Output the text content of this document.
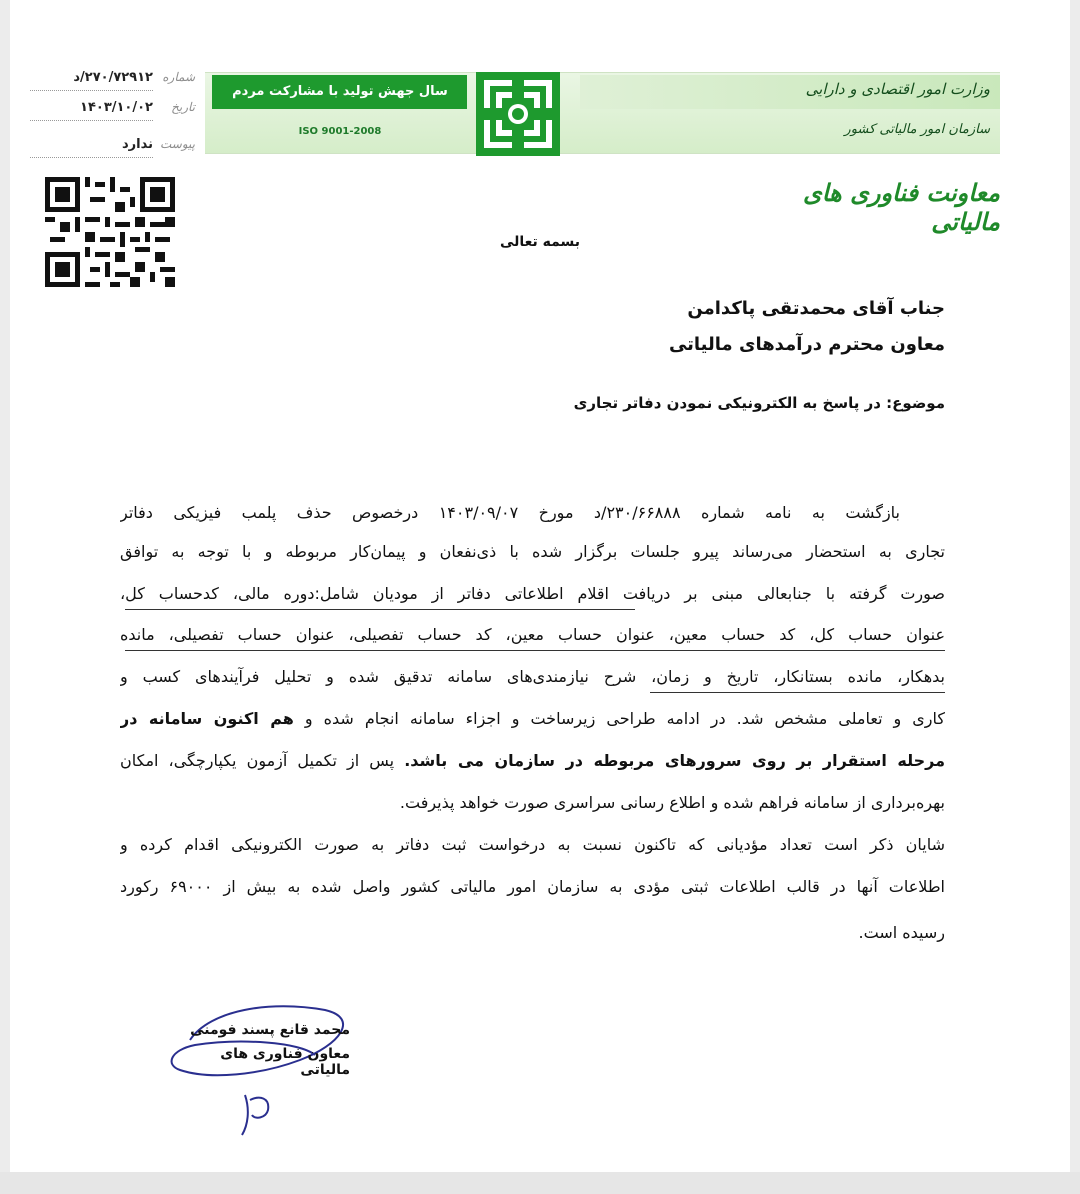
سال جهش تولید با مشارکت مردم
ISO 9001-2008
وزارت امور اقتصادی و دارایی
سازمان امور مالیاتی کشور
معاونت فناوری های مالیاتی
شماره
۲۷۰/۷۲۹۱۲/د
تاریخ
۱۴۰۳/۱۰/۰۲
پیوست
ندارد
بسمه تعالی
جناب آقای محمدتقی پاکدامن
معاون محترم درآمدهای مالیاتی
موضوع: در پاسخ به الکترونیکی نمودن دفاتر تجاری
بازگشت به نامه شماره ۲۳۰/۶۶۸۸۸/د مورخ ۱۴۰۳/۰۹/۰۷ درخصوص حذف پلمب فیزیکی دفاتر
تجاری به استحضار می‌رساند پیرو جلسات برگزار شده با ذی‌نفعان و پیمان‌کار مربوطه و با توجه به توافق
صورت گرفته با جنابعالی مبنی بر دریافت اقلام اطلاعاتی دفاتر از مودیان شامل:دوره مالی، کدحساب کل،
عنوان حساب کل، کد حساب معین، عنوان حساب معین، کد حساب تفصیلی، عنوان حساب تفصیلی، مانده
بدهکار، مانده بستانکار، تاریخ و زمان، شرح نیازمندی‌های سامانه تدقیق شده و تحلیل فرآیندهای کسب و
کاری و تعاملی مشخص شد. در ادامه طراحی زیرساخت و اجزاء سامانه انجام شده و هم اکنون سامانه در
مرحله استقرار بر روی سرورهای مربوطه در سازمان می باشد. پس از تکمیل آزمون یکپارچگی، امکان
بهره‌برداری از سامانه فراهم شده و اطلاع رسانی سراسری صورت خواهد پذیرفت.
شایان ذکر است تعداد مؤدیانی که تاکنون نسبت به درخواست ثبت دفاتر به صورت الکترونیکی اقدام کرده و
اطلاعات آنها در قالب اطلاعات ثبتی مؤدی به سازمان امور مالیاتی کشور واصل شده به بیش از ۶۹۰۰۰ رکورد
رسیده است.
محمد قانع پسند فومنی
معاون فناوری های مالیاتی
